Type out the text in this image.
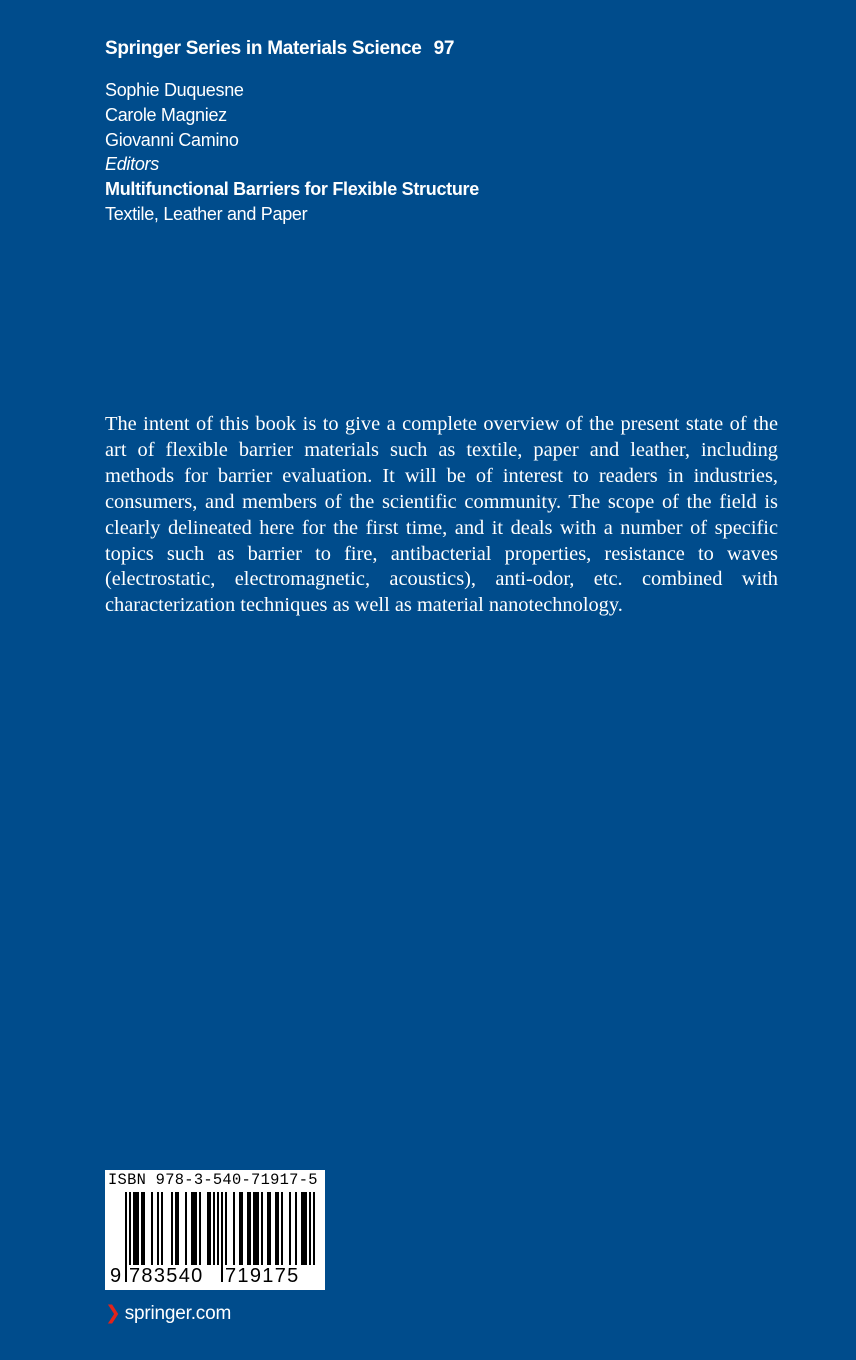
Springer Series in Materials Science 97
Sophie Duquesne
Carole Magniez
Giovanni Camino
Editors
Multifunctional Barriers for Flexible Structure
Textile, Leather and Paper
The intent of this book is to give a complete overview of the present state of the art of flexible barrier materials such as textile, paper and leather, including methods for barrier evaluation. It will be of interest to readers in industries, consumers, and members of the scientific community. The scope of the field is clearly delineated here for the first time, and it deals with a number of specific topics such as barrier to fire, antibacterial properties, resistance to waves (electrostatic, electromagnetic, acoustics), anti-odor, etc. combined with characterization techniques as well as material nanotechnology.
ISBN 978-3-540-71917-5
9 783540	719175
❯ springer.com
